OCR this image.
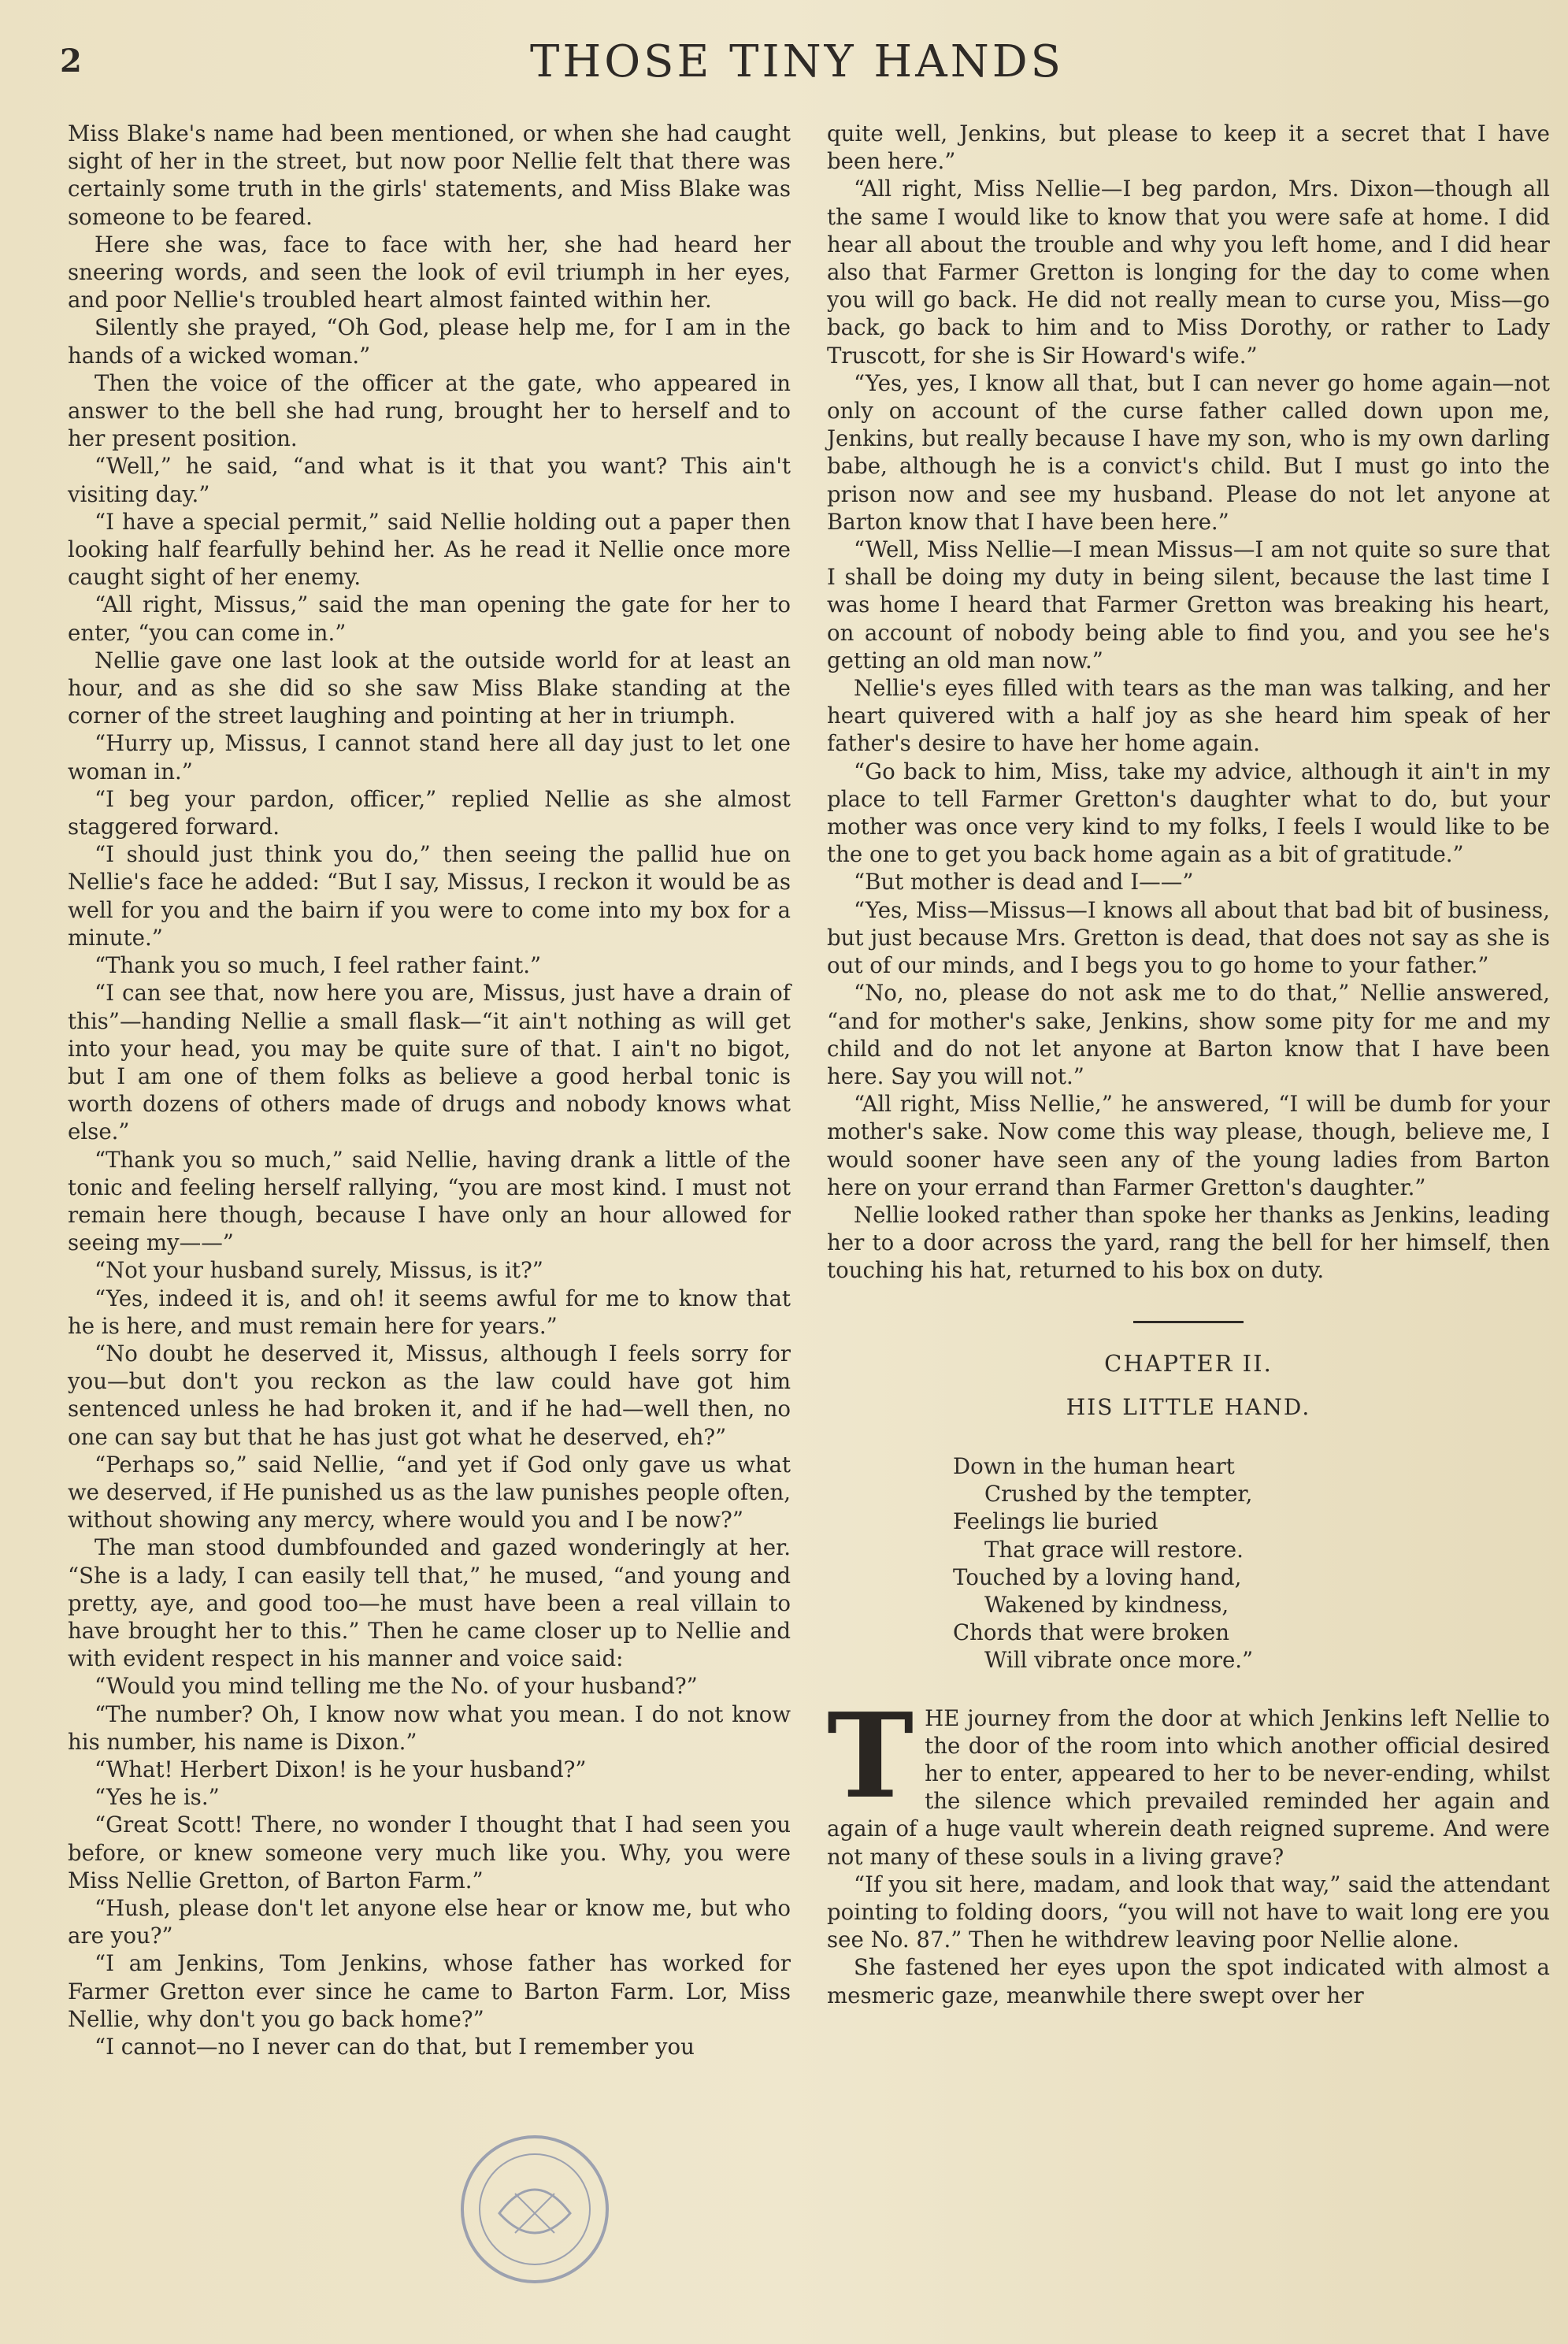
2	THOSE TINY HANDS

Miss Blake's name had been mentioned, or when she had caught sight of her in the street, but now poor Nellie felt that there was certainly some truth in the girls' statements, and Miss Blake was someone to be feared.

Here she was, face to face with her, she had heard her sneering words, and seen the look of evil triumph in her eyes, and poor Nellie's troubled heart almost fainted within her.

Silently she prayed, “Oh God, please help me, for I am in the hands of a wicked woman.”

Then the voice of the officer at the gate, who appeared in answer to the bell she had rung, brought her to herself and to her present position.

“Well,” he said, “and what is it that you want? This ain't visiting day.”

“I have a special permit,” said Nellie holding out a paper then looking half fearfully behind her. As he read it Nellie once more caught sight of her enemy.

“All right, Missus,” said the man opening the gate for her to enter, “you can come in.”

Nellie gave one last look at the outside world for at least an hour, and as she did so she saw Miss Blake standing at the corner of the street laughing and pointing at her in triumph.

“Hurry up, Missus, I cannot stand here all day just to let one woman in.”

“I beg your pardon, officer,” replied Nellie as she almost staggered forward.

“I should just think you do,” then seeing the pallid hue on Nellie's face he added: “But I say, Missus, I reckon it would be as well for you and the bairn if you were to come into my box for a minute.”

“Thank you so much, I feel rather faint.”

“I can see that, now here you are, Missus, just have a drain of this”—handing Nellie a small flask—“it ain't nothing as will get into your head, you may be quite sure of that. I ain't no bigot, but I am one of them folks as believe a good herbal tonic is worth dozens of others made of drugs and nobody knows what else.”

“Thank you so much,” said Nellie, having drank a little of the tonic and feeling herself rallying, “you are most kind. I must not remain here though, because I have only an hour allowed for seeing my——”

“Not your husband surely, Missus, is it?”

“Yes, indeed it is, and oh! it seems awful for me to know that he is here, and must remain here for years.”

“No doubt he deserved it, Missus, although I feels sorry for you—but don't you reckon as the law could have got him sentenced unless he had broken it, and if he had—well then, no one can say but that he has just got what he deserved, eh?”

“Perhaps so,” said Nellie, “and yet if God only gave us what we deserved, if He punished us as the law punishes people often, without showing any mercy, where would you and I be now?”

The man stood dumbfounded and gazed wonderingly at her. “She is a lady, I can easily tell that,” he mused, “and young and pretty, aye, and good too—he must have been a real villain to have brought her to this.” Then he came closer up to Nellie and with evident respect in his manner and voice said:

“Would you mind telling me the No. of your husband?”

“The number? Oh, I know now what you mean. I do not know his number, his name is Dixon.”

“What! Herbert Dixon! is he your husband?”

“Yes he is.”

“Great Scott! There, no wonder I thought that I had seen you before, or knew someone very much like you. Why, you were Miss Nellie Gretton, of Barton Farm.”

“Hush, please don't let anyone else hear or know me, but who are you?”

“I am Jenkins, Tom Jenkins, whose father has worked for Farmer Gretton ever since he came to Barton Farm. Lor, Miss Nellie, why don't you go back home?”

“I cannot—no I never can do that, but I remember you

quite well, Jenkins, but please to keep it a secret that I have been here.”

“All right, Miss Nellie—I beg pardon, Mrs. Dixon—though all the same I would like to know that you were safe at home. I did hear all about the trouble and why you left home, and I did hear also that Farmer Gretton is longing for the day to come when you will go back. He did not really mean to curse you, Miss—go back, go back to him and to Miss Dorothy, or rather to Lady Truscott, for she is Sir Howard's wife.”

“Yes, yes, I know all that, but I can never go home again—not only on account of the curse father called down upon me, Jenkins, but really because I have my son, who is my own darling babe, although he is a convict's child. But I must go into the prison now and see my husband. Please do not let anyone at Barton know that I have been here.”

“Well, Miss Nellie—I mean Missus—I am not quite so sure that I shall be doing my duty in being silent, because the last time I was home I heard that Farmer Gretton was breaking his heart, on account of nobody being able to find you, and you see he's getting an old man now.”

Nellie's eyes filled with tears as the man was talking, and her heart quivered with a half joy as she heard him speak of her father's desire to have her home again.

“Go back to him, Miss, take my advice, although it ain't in my place to tell Farmer Gretton's daughter what to do, but your mother was once very kind to my folks, I feels I would like to be the one to get you back home again as a bit of gratitude.”

“But mother is dead and I——”

“Yes, Miss—Missus—I knows all about that bad bit of business, but just because Mrs. Gretton is dead, that does not say as she is out of our minds, and I begs you to go home to your father.”

“No, no, please do not ask me to do that,” Nellie answered, “and for mother's sake, Jenkins, show some pity for me and my child and do not let anyone at Barton know that I have been here. Say you will not.”

“All right, Miss Nellie,” he answered, “I will be dumb for your mother's sake. Now come this way please, though, believe me, I would sooner have seen any of the young ladies from Barton here on your errand than Farmer Gretton's daughter.”

Nellie looked rather than spoke her thanks as Jenkins, leading her to a door across the yard, rang the bell for her himself, then touching his hat, returned to his box on duty.

CHAPTER II.
HIS LITTLE HAND.
Down in the human heart
Crushed by the tempter,
Feelings lie buried
That grace will restore.
Touched by a loving hand,
Wakened by kindness,
Chords that were broken
Will vibrate once more.”

THE journey from the door at which Jenkins left Nellie to the door of the room into which another official desired her to enter, appeared to her to be never-ending, whilst the silence which prevailed reminded her again and again of a huge vault wherein death reigned supreme. And were not many of these souls in a living grave?

“If you sit here, madam, and look that way,” said the attendant pointing to folding doors, “you will not have to wait long ere you see No. 87.” Then he withdrew leaving poor Nellie alone.

She fastened her eyes upon the spot indicated with almost a mesmeric gaze, meanwhile there swept over her
